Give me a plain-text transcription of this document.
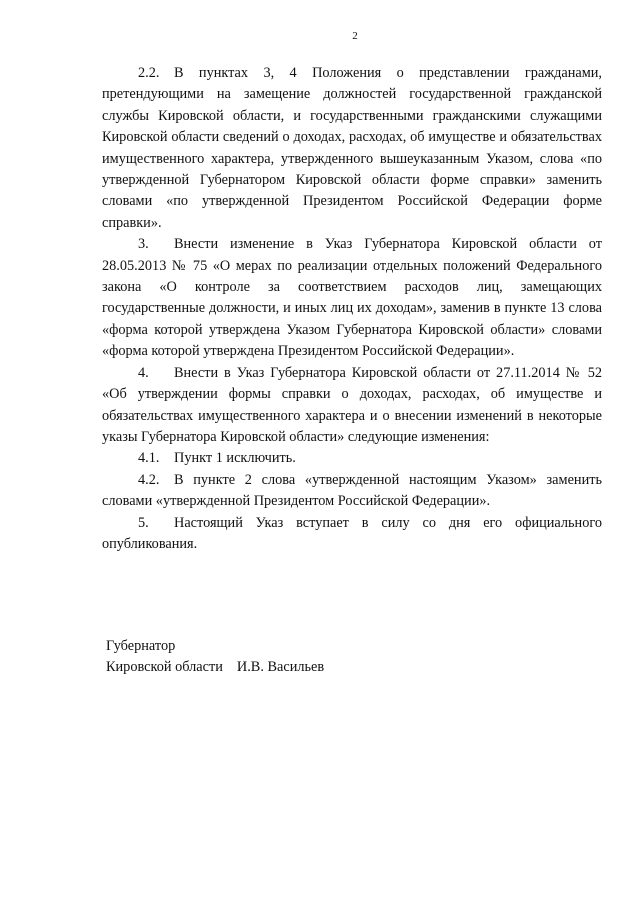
2

2.2. В пунктах 3, 4 Положения о представлении гражданами, претендующими на замещение должностей государственной гражданской службы Кировской области, и государственными гражданскими служащими Кировской области сведений о доходах, расходах, об имуществе и обязательствах имущественного характера, утвержденного вышеуказанным Указом, слова «по утвержденной Губернатором Кировской области форме справки» заменить словами «по утвержденной Президентом Российской Федерации форме справки».

3. Внести изменение в Указ Губернатора Кировской области от 28.05.2013 № 75 «О мерах по реализации отдельных положений Федерального закона «О контроле за соответствием расходов лиц, замещающих государственные должности, и иных лиц их доходам», заменив в пункте 13 слова «форма которой утверждена Указом Губернатора Кировской области» словами «форма которой утверждена Президентом Российской Федерации».

4. Внести в Указ Губернатора Кировской области от 27.11.2014 № 52 «Об утверждении формы справки о доходах, расходах, об имуществе и обязательствах имущественного характера и о внесении изменений в некоторые указы Губернатора Кировской области» следующие изменения:

4.1. Пункт 1 исключить.

4.2. В пункте 2 слова «утвержденной настоящим Указом» заменить словами «утвержденной Президентом Российской Федерации».

5. Настоящий Указ вступает в силу со дня его официального опубликования.

Губернатор
Кировской области И.В. Васильев
